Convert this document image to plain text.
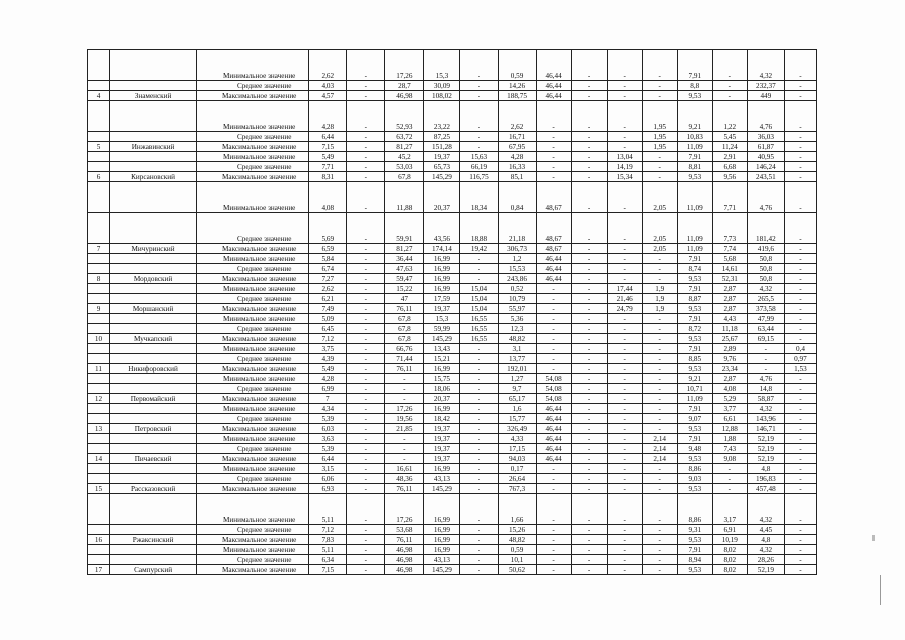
		Минимальное значение	2,62	-	17,26	15,3	-	0,59	46,44	-	-	-	7,91	-	4,32	-
		Среднее значение	4,03	-	28,7	30,09	-	14,26	46,44	-	-	-	8,8	-	232,37	-
4	Знаменский	Максимальное значение	4,57	-	46,98	108,02	-	188,75	46,44	-	-	-	9,53	-	449	-
		Минимальное значение	4,28	-	52,93	23,22	-	2,62	-	-	-	1,95	9,21	1,22	4,76	-
		Среднее значение	6,44	-	63,72	87,25	-	16,71	-	-	-	1,95	10,83	5,45	36,03	-
5	Инжавинский	Максимальное значение	7,15	-	81,27	151,28	-	67,95	-	-	-	1,95	11,09	11,24	61,87	-
		Минимальное значение	5,49	-	45,2	19,37	15,63	4,28	-	-	13,04	-	7,91	2,91	40,95	-
		Среднее значение	7,71	-	53,03	65,73	66,19	16,33	-	-	14,19	-	8,81	6,68	146,24	-
6	Кирсановский	Максимальное значение	8,31	-	67,8	145,29	116,75	85,1	-	-	15,34	-	9,53	9,56	243,51	-
		Минимальное значение	4,08	-	11,88	20,37	18,34	0,84	48,67	-	-	2,05	11,09	7,71	4,76	-
		Среднее значение	5,69	-	59,91	43,56	18,88	21,18	48,67	-	-	2,05	11,09	7,73	181,42	-
7	Мичуринский	Максимальное значение	6,59	-	81,27	174,14	19,42	306,73	48,67	-	-	2,05	11,09	7,74	419,6	-
		Минимальное значение	5,84	-	36,44	16,99	-	1,2	46,44	-	-	-	7,91	5,68	50,8	-
		Среднее значение	6,74	-	47,63	16,99	-	15,53	46,44	-	-	-	8,74	14,61	50,8	-
8	Мордовский	Максимальное значение	7,27	-	59,47	16,99	-	243,86	46,44	-	-	-	9,53	52,31	50,8	-
		Минимальное значение	2,62	-	15,22	16,99	15,04	0,52	-	-	17,44	1,9	7,91	2,87	4,32	-
		Среднее значение	6,21	-	47	17,59	15,04	10,79	-	-	21,46	1,9	8,87	2,87	265,5	-
9	Моршанский	Максимальное значение	7,49	-	76,11	19,37	15,04	55,97	-	-	24,79	1,9	9,53	2,87	373,58	-
		Минимальное значение	5,09	-	67,8	15,3	16,55	5,36	-	-	-	-	7,91	4,43	47,99	-
		Среднее значение	6,45	-	67,8	59,99	16,55	12,3	-	-	-	-	8,72	11,18	63,44	-
10	Мучкапский	Максимальное значение	7,12	-	67,8	145,29	16,55	48,82	-	-	-	-	9,53	25,67	69,15	-
		Минимальное значение	3,75	-	66,76	13,43	-	3,1	-	-	-	-	7,91	2,89	-	0,4
		Среднее значение	4,39	-	71,44	15,21	-	13,77	-	-	-	-	8,85	9,76	-	0,97
11	Никифоровский	Максимальное значение	5,49	-	76,11	16,99	-	192,01	-	-	-	-	9,53	23,34	-	1,53
		Минимальное значение	4,28	-	-	15,75	-	1,27	54,08	-	-	-	9,21	2,87	4,76	-
		Среднее значение	6,99	-	-	18,06	-	9,7	54,08	-	-	-	10,71	4,08	14,8	-
12	Первомайский	Максимальное значение	7	-	-	20,37	-	65,17	54,08	-	-	-	11,09	5,29	58,87	-
		Минимальное значение	4,34	-	17,26	16,99	-	1,6	46,44	-	-	-	7,91	3,77	4,32	-
		Среднее значение	5,39	-	19,56	18,42	-	15,77	46,44	-	-	-	9,07	6,61	143,96	-
13	Петровский	Максимальное значение	6,03	-	21,85	19,37	-	326,49	46,44	-	-	-	9,53	12,88	146,71	-
		Минимальное значение	3,63	-	-	19,37	-	4,33	46,44	-	-	2,14	7,91	1,88	52,19	-
		Среднее значение	5,39	-	-	19,37	-	17,15	46,44	-	-	2,14	9,48	7,43	52,19	-
14	Пичаевский	Максимальное значение	6,44	-	-	19,37	-	94,03	46,44	-	-	2,14	9,53	9,08	52,19	-
		Минимальное значение	3,15	-	16,61	16,99	-	0,17	-	-	-	-	8,86	-	4,8	-
		Среднее значение	6,06	-	48,36	43,13	-	26,64	-	-	-	-	9,03	-	196,83	-
15	Рассказовский	Максимальное значение	6,93	-	76,11	145,29	-	767,3	-	-	-	-	9,53	-	457,48	-
		Минимальное значение	5,11	-	17,26	16,99	-	1,66	-	-	-	-	8,86	3,17	4,32	-
		Среднее значение	7,12	-	53,68	16,99	-	15,26	-	-	-	-	9,31	6,91	4,45	-
16	Ржаксинский	Максимальное значение	7,83	-	76,11	16,99	-	48,82	-	-	-	-	9,53	10,19	4,8	-
		Минимальное значение	5,11	-	46,98	16,99	-	0,59	-	-	-	-	7,91	8,02	4,32	-
		Среднее значение	6,34	-	46,98	43,13	-	10,1	-	-	-	-	8,94	8,02	28,26	-
17	Сампурский	Максимальное значение	7,15	-	46,98	145,29	-	50,62	-	-	-	-	9,53	8,02	52,19	-
